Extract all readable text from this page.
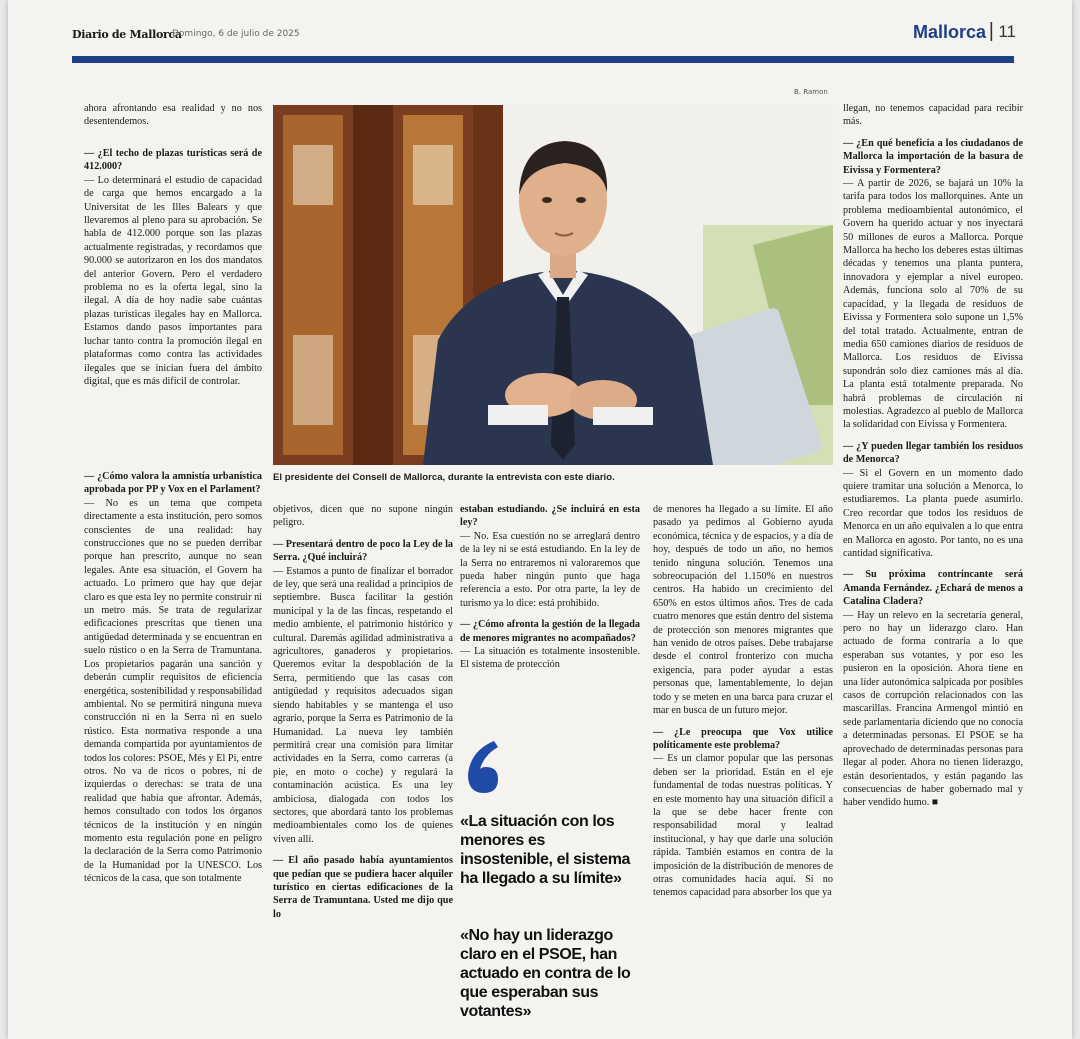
Diario de Mallorca
Domingo, 6 de julio de 2025	Mallorca | 11
B. Ramon

El presidente del Consell de Mallorca, durante la entrevista con este diario.

ahora afrontando esa realidad y no nos desentendemos.

— ¿El techo de plazas turísticas será de 412.000?

— Lo determinará el estudio de capacidad de carga que hemos encargado a la Universitat de les Illes Balears y que llevaremos al pleno para su aprobación. Se habla de 412.000 porque son las plazas actualmente registradas, y recordamos que 90.000 se autorizaron en los dos mandatos del anterior Govern. Pero el verdadero problema no es la oferta legal, sino la ilegal. A día de hoy nadie sabe cuántas plazas turísticas ilegales hay en Mallorca. Estamos dando pasos importantes para luchar tanto contra la promoción ilegal en plataformas como contra las actividades ilegales que se inician fuera del ámbito digital, que es más difícil de controlar.

— ¿Cómo valora la amnistía urbanística aprobada por PP y Vox en el Parlament?

— No es un tema que competa directamente a esta institución, pero somos conscientes de una realidad: hay construcciones que no se pueden derribar porque han prescrito, aunque no sean legales. Ante esa situación, el Govern ha actuado. Lo primero que hay que dejar claro es que esta ley no permite construir ni un metro más. Se trata de regularizar edificaciones prescritas que tienen una antigüedad determinada y se encuentran en suelo rústico o en la Serra de Tramuntana. Los propietarios pagarán una sanción y deberán cumplir requisitos de eficiencia energética, sostenibilidad y responsabilidad ambiental. No se permitirá ninguna nueva construcción ni en la Serra ni en suelo rústico. Esta normativa responde a una demanda compartida por ayuntamientos de todos los colores: PSOE, Més y El Pi, entre otros. No va de ricos o pobres, ni de izquierdas o derechas: se trata de una realidad que había que afrontar. Además, hemos consultado con todos los órganos técnicos de la institución y en ningún momento esta regulación pone en peligro la declaración de la Serra como Patrimonio de la Humanidad por la UNESCO. Los técnicos de la casa, que son totalmente

objetivos, dicen que no supone ningún peligro.

— Presentará dentro de poco la Ley de la Serra. ¿Qué incluirá?

— Estamos a punto de finalizar el borrador de ley, que será una realidad a principios de septiembre. Busca facilitar la gestión municipal y la de las fincas, respetando el medio ambiente, el patrimonio histórico y cultural. Daremás agilidad administrativa a agricultores, ganaderos y propietarios. Queremos evitar la despoblación de la Serra, permitiendo que las casas con antigüedad y requisitos adecuados sigan siendo habitables y se mantenga el uso agrario, porque la Serra es Patrimonio de la Humanidad. La nueva ley también permitirá crear una comisión para limitar actividades en la Serra, como carreras (a pie, en moto o coche) y regulará la contaminación acústica. Es una ley ambiciosa, dialogada con todos los sectores, que abordará tanto los problemas medioambientales como los de quienes viven allí.

— El año pasado había ayuntamientos que pedían que se pudiera hacer alquiler turístico en ciertas edificaciones de la Serra de Tramuntana. Usted me dijo que lo

estaban estudiando. ¿Se incluirá en esta ley?

— No. Esa cuestión no se arreglará dentro de la ley ni se está estudiando. En la ley de la Serra no entraremos ni valoraremos que pueda haber ningún punto que haga referencia a esto. Por otra parte, la ley de turismo ya lo dice: está prohibido.

— ¿Cómo afronta la gestión de la llegada de menores migrantes no acompañados?

— La situación es totalmente insostenible. El sistema de protección

«La situación con los menores es insostenible, el sistema ha llegado a su límite»

«No hay un liderazgo claro en el PSOE, han actuado en contra de lo que esperaban sus votantes»

de menores ha llegado a su límite. El año pasado ya pedimos al Gobierno ayuda económica, técnica y de espacios, y a día de hoy, después de todo un año, no hemos tenido ninguna solución. Tenemos una sobreocupación del 1.150% en nuestros centros. Ha habido un crecimiento del 650% en estos últimos años. Tres de cada cuatro menores que están dentro del sistema de protección son menores migrantes que han venido de otros países. Debe trabajarse desde el control fronterizo con mucha exigencia, para poder ayudar a estas personas que, lamentablemente, lo dejan todo y se meten en una barca para cruzar el mar en busca de un futuro mejor.

— ¿Le preocupa que Vox utilice políticamente este problema?

— Es un clamor popular que las personas deben ser la prioridad. Están en el eje fundamental de todas nuestras políticas. Y en este momento hay una situación difícil a la que se debe hacer frente con responsabilidad moral y lealtad institucional, y hay que darle una solución rápida. También estamos en contra de la imposición de la distribución de menores de otras comunidades hacia aquí. Si no tenemos capacidad para absorber los que ya

llegan, no tenemos capacidad para recibir más.

— ¿En qué beneficia a los ciudadanos de Mallorca la importación de la basura de Eivissa y Formentera?

— A partir de 2026, se bajará un 10% la tarifa para todos los mallorquines. Ante un problema medioambiental autonómico, el Govern ha querido actuar y nos inyectará 50 millones de euros a Mallorca. Porque Mallorca ha hecho los deberes estas últimas décadas y tenemos una planta puntera, innovadora y ejemplar a nivel europeo. Además, funciona solo al 70% de su capacidad, y la llegada de residuos de Eivissa y Formentera solo supone un 1,5% del total tratado. Actualmente, entran de media 650 camiones diarios de residuos de Mallorca. Los residuos de Eivissa supondrán solo diez camiones más al día. La planta está totalmente preparada. No habrá problemas de circulación ni molestias. Agradezco al pueblo de Mallorca la solidaridad con Eivissa y Formentera.

— ¿Y pueden llegar también los residuos de Menorca?

— Si el Govern en un momento dado quiere tramitar una solución a Menorca, lo estudiaremos. La planta puede asumirlo. Creo recordar que todos los residuos de Menorca en un año equivalen a lo que entra en Mallorca en agosto. Por tanto, no es una cantidad significativa.

— Su próxima contrincante será Amanda Fernández. ¿Echará de menos a Catalina Cladera?

— Hay un relevo en la secretaría general, pero no hay un liderazgo claro. Han actuado de forma contraria a lo que esperaban sus votantes, y por eso les pusieron en la oposición. Ahora tiene en una líder autonómica salpicada por posibles casos de corrupción relacionados con las mascarillas. Francina Armengol mintió en sede parlamentaria diciendo que no conocía a determinadas personas. El PSOE se ha aprovechado de determinadas personas para llegar al poder. Ahora no tienen liderazgo, están desorientados, y están pagando las consecuencias de haber gobernado mal y haber vendido humo. ■
